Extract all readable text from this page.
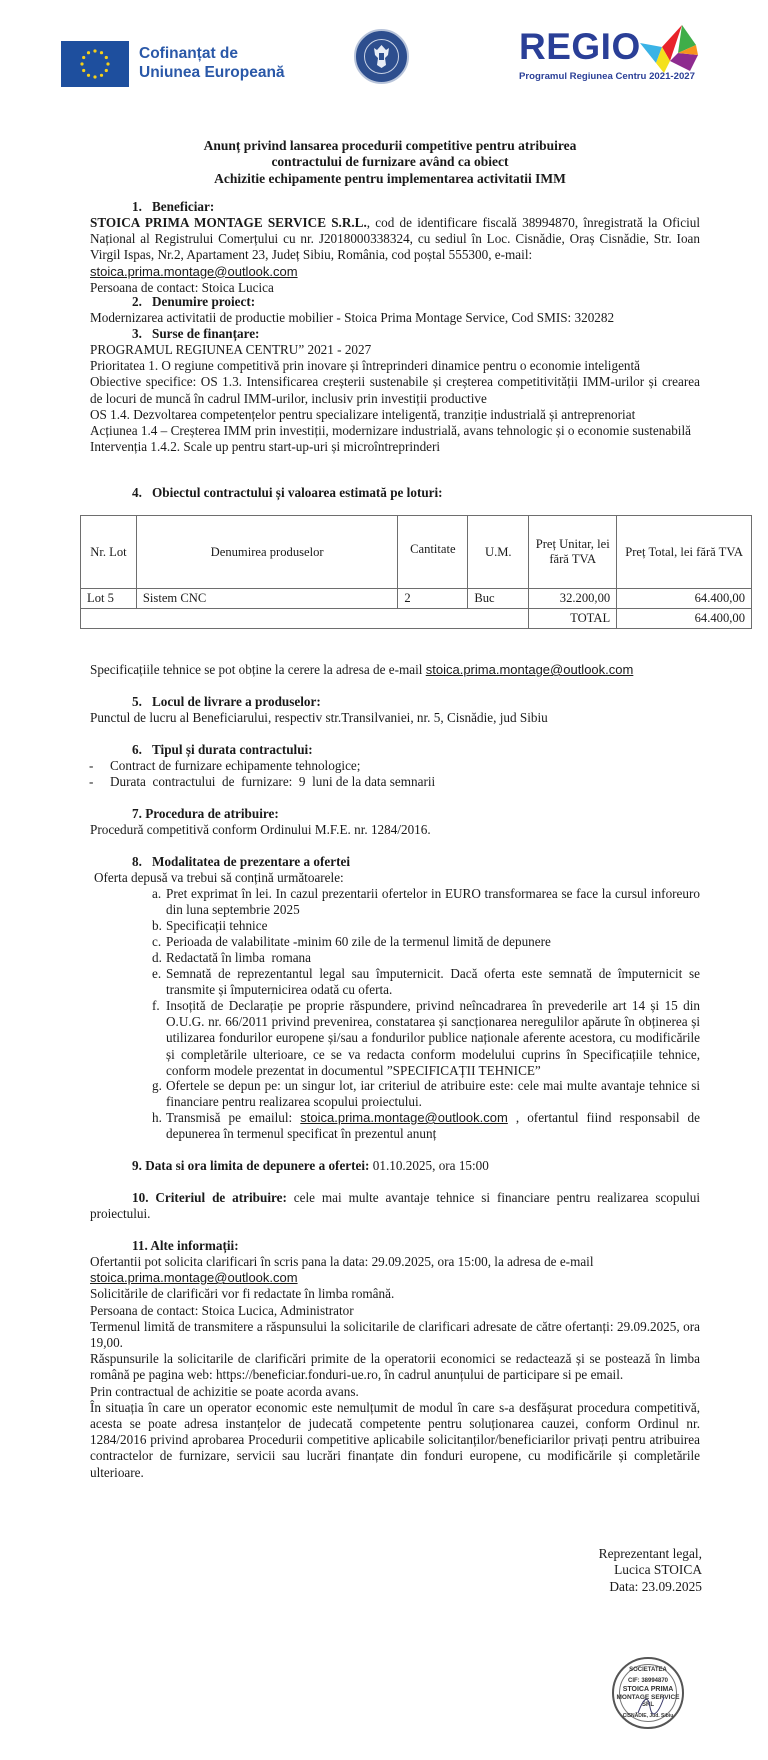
Cofinanțat de
Uniunea Europeană
REGIO
Programul Regiunea Centru 2021-2027
Anunț privind lansarea procedurii competitive pentru atribuirea
contractului de furnizare având ca obiect
Achizitie echipamente pentru implementarea activitatii IMM
1. Beneficiar:
STOICA PRIMA MONTAGE SERVICE S.R.L., cod de identificare fiscală 38994870, înregistrată la Oficiul Național al Registrului Comerțului cu nr. J2018000338324, cu sediul în Loc. Cisnădie, Oraș Cisnădie, Str. Ioan Virgil Ispas, Nr.2, Apartament 23, Județ Sibiu, România, cod poștal 555300, e-mail:
stoica.prima.montage@outlook.com
Persoana de contact: Stoica Lucica
2. Denumire proiect:
Modernizarea activitatii de productie mobilier - Stoica Prima Montage Service, Cod SMIS: 320282
3. Surse de finanțare:
PROGRAMUL REGIUNEA CENTRU” 2021 - 2027
Prioritatea 1. O regiune competitivă prin inovare și întreprinderi dinamice pentru o economie inteligentă
Obiective specifice: OS 1.3. Intensificarea creșterii sustenabile și creșterea competitivității IMM-urilor și crearea de locuri de muncă în cadrul IMM-urilor, inclusiv prin investiții productive
OS 1.4. Dezvoltarea competențelor pentru specializare inteligentă, tranziție industrială și antreprenoriat
Acțiunea 1.4 – Creșterea IMM prin investiții, modernizare industrială, avans tehnologic și o economie sustenabilă
Intervenția 1.4.2. Scale up pentru start-up-uri și microîntreprinderi
4. Obiectul contractului și valoarea estimată pe loturi:
Nr. Lot	Denumirea produselor	Cantitate	U.M.	Preț Unitar, lei fără TVA	Preț Total, lei fără TVA
Lot 5	Sistem CNC	2	Buc	32.200,00	64.400,00
				TOTAL	64.400,00
Specificațiile tehnice se pot obține la cerere la adresa de e-mail stoica.prima.montage@outlook.com
5. Locul de livrare a produselor:
Punctul de lucru al Beneficiarului, respectiv str.Transilvaniei, nr. 5, Cisnădie, jud Sibiu
6. Tipul și durata contractului:
- Contract de furnizare echipamente tehnologice;
- Durata  contractului  de  furnizare:  9  luni de la data semnarii
7. Procedura de atribuire:
Procedură competitivă conform Ordinului M.F.E. nr. 1284/2016.
8. Modalitatea de prezentare a ofertei
Oferta depusă va trebui să conțină următoarele:
a. Pret exprimat în lei. In cazul prezentarii ofertelor in EURO transformarea se face la cursul inforeuro din luna septembrie 2025
b. Specificații tehnice
c. Perioada de valabilitate -minim 60 zile de la termenul limită de depunere
d. Redactată în limba  romana
e. Semnată de reprezentantul legal sau împuternicit. Dacă oferta este semnată de împuternicit se transmite și împuternicirea odată cu oferta.
f. Insoțită de Declarație pe proprie răspundere, privind neîncadrarea în prevederile art 14 și 15 din O.U.G. nr. 66/2011 privind prevenirea, constatarea și sancționarea neregulilor apărute în obținerea și utilizarea fondurilor europene și/sau a fondurilor publice naționale aferente acestora, cu modificările și completările ulterioare, ce se va redacta conform modelului cuprins în Specificațiile tehnice, conform modele prezentat in documentul ”SPECIFICAȚII TEHNICE”
g. Ofertele se depun pe: un singur lot, iar criteriul de atribuire este: cele mai multe avantaje tehnice si financiare pentru realizarea scopului proiectului.
h. Transmisă pe emailul: stoica.prima.montage@outlook.com , ofertantul fiind responsabil de depunerea în termenul specificat în prezentul anunț
9. Data si ora limita de depunere a ofertei: 01.10.2025, ora 15:00
10. Criteriul de atribuire: cele mai multe avantaje tehnice si financiare pentru realizarea scopului proiectului.
11. Alte informații:
Ofertantii pot solicita clarificari în scris pana la data: 29.09.2025, ora 15:00, la adresa de e-mail
stoica.prima.montage@outlook.com
Solicitările de clarificări vor fi redactate în limba română.
Persoana de contact: Stoica Lucica, Administrator
Termenul limită de transmitere a răspunsului la solicitarile de clarificari adresate de către ofertanți: 29.09.2025, ora 19,00.
Răspunsurile la solicitarile de clarificări primite de la operatorii economici se redactează și se postează în limba română pe pagina web: https://beneficiar.fonduri-ue.ro, în cadrul anunțului de participare si pe email.
Prin contractual de achizitie se poate acorda avans.
În situația în care un operator economic este nemulțumit de modul în care s-a desfășurat procedura competitivă, acesta se poate adresa instanțelor de judecată competente pentru soluționarea cauzei, conform Ordinul nr. 1284/2016 privind aprobarea Procedurii competitive aplicabile solicitanților/beneficiarilor privați pentru atribuirea contractelor de furnizare, servicii sau lucrări finanțate din fonduri europene, cu modificările și completările ulterioare.
Reprezentant legal,
Lucica STOICA
Data: 23.09.2025
SOCIETATEA
CIF: 38994870
STOICA PRIMA
MONTAGE SERVICE
SRL
CISNĂDIE, Jud. Sibiu
